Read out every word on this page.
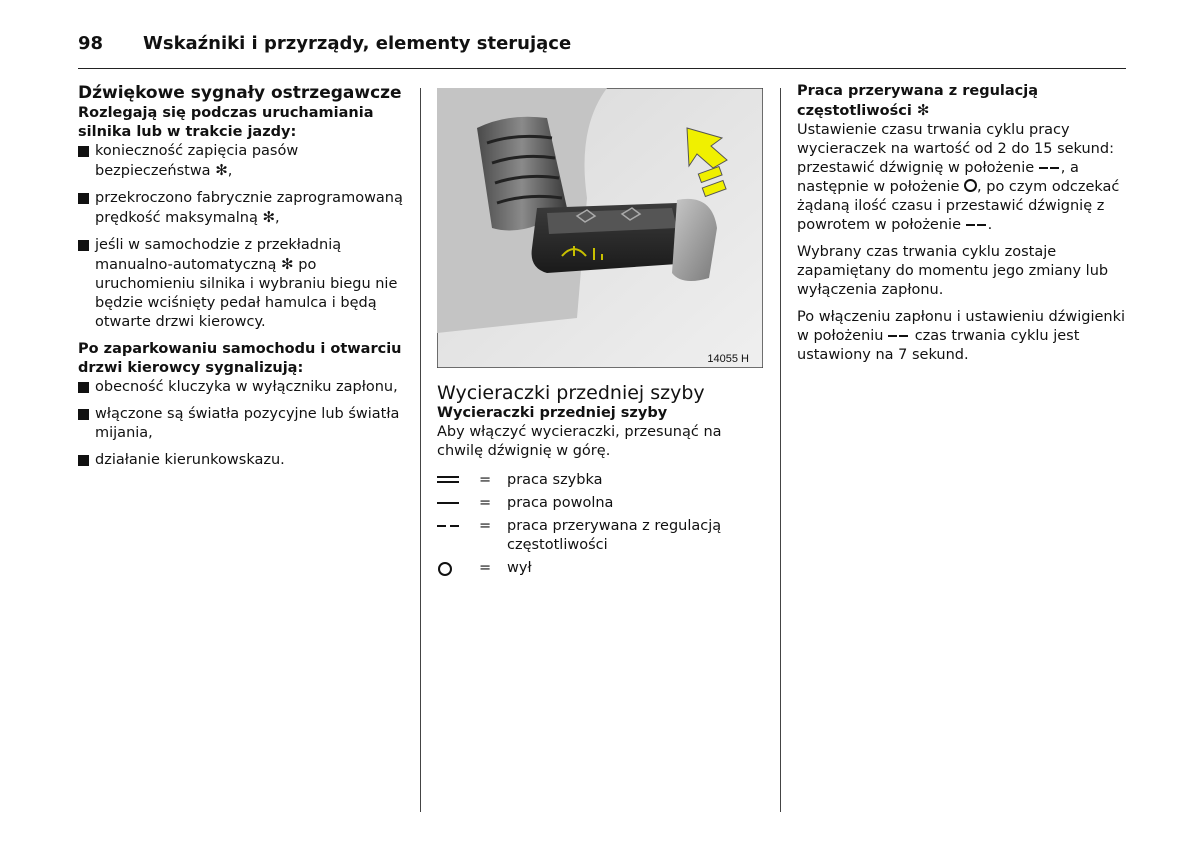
98 Wskaźniki i przyrządy, elementy sterujące
Dźwiękowe sygnały ostrzegawcze
Rozlegają się podczas uruchamiania silnika lub w trakcie jazdy:
konieczność zapięcia pasów bezpieczeństwa ✻,
przekroczono fabrycznie zaprogramowaną prędkość maksymalną ✻,
jeśli w samochodzie z przekładnią manualno-automatyczną ✻ po uruchomieniu silnika i wybraniu biegu nie będzie wciśnięty pedał hamulca i będą otwarte drzwi kierowcy.
Po zaparkowaniu samochodu i otwarciu drzwi kierowcy sygnalizują:
obecność kluczyka w wyłączniku zapłonu,
włączone są światła pozycyjne lub światła mijania,
działanie kierunkowskazu.
14055 H
Wycieraczki przedniej szyby
Wycieraczki przedniej szyby

Aby włączyć wycieraczki, przesunąć na chwilę dźwignię w górę.

=	praca szybka
=	praca powolna
=	praca przerywana z regulacją częstotliwości
=	wył
Praca przerywana z regulacją częstotliwości ✻

Ustawienie czasu trwania cyklu pracy wycieraczek na wartość od 2 do 15 sekund: przestawić dźwignię w położenie , a następnie w położenie , po czym odczekać żądaną ilość czasu i przestawić dźwignię z powrotem w położenie .

Wybrany czas trwania cyklu zostaje zapamiętany do momentu jego zmiany lub wyłączenia zapłonu.

Po włączeniu zapłonu i ustawieniu dźwigienki w położeniu czas trwania cyklu jest ustawiony na 7 sekund.
